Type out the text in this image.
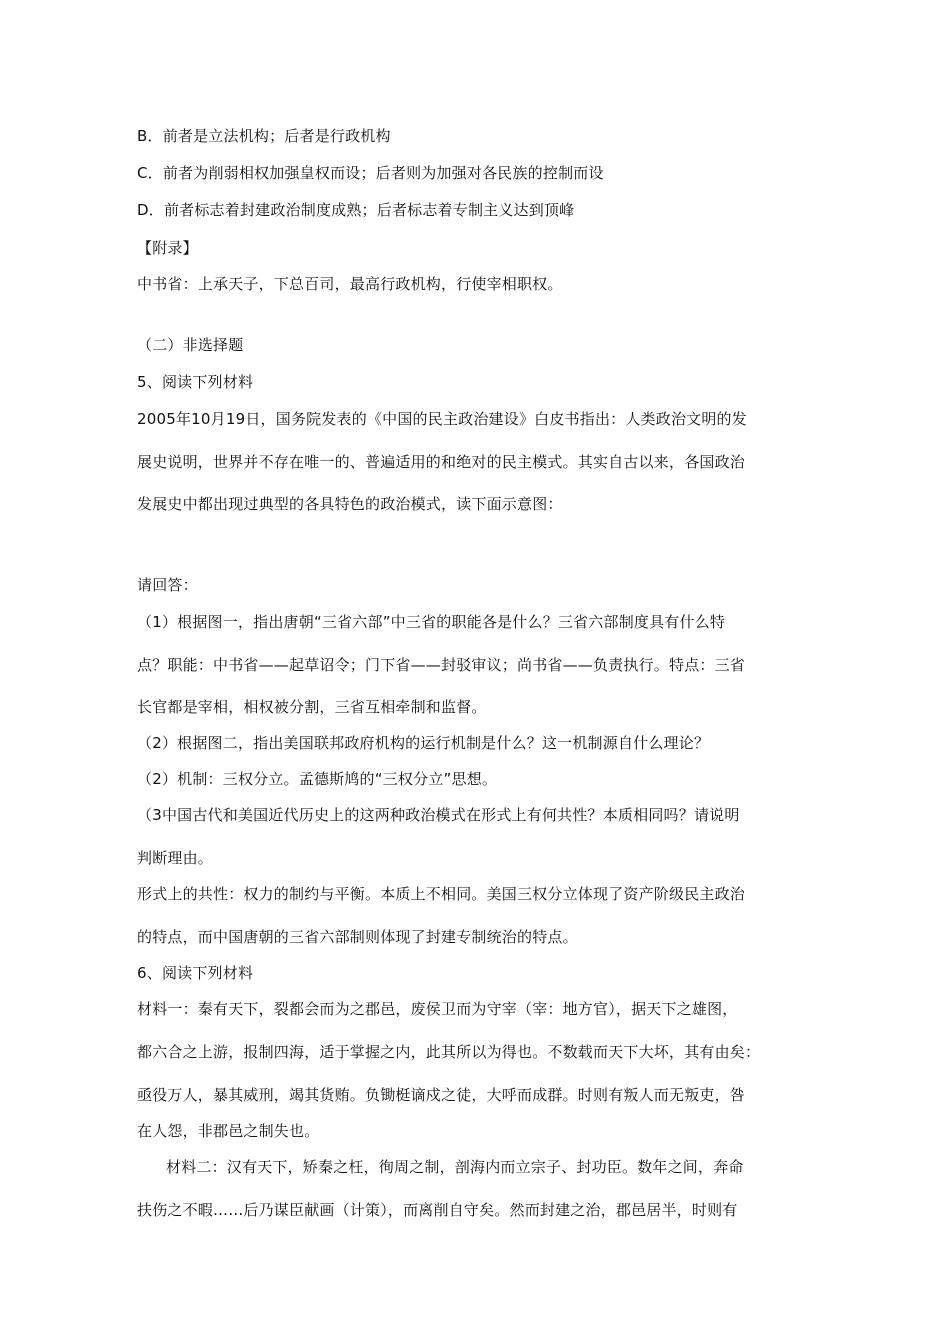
B．前者是立法机构；后者是行政机构
C．前者为削弱相权加强皇权而设；后者则为加强对各民族的控制而设
D．前者标志着封建政治制度成熟；后者标志着专制主义达到顶峰
【附录】
中书省：上承天子，下总百司，最高行政机构，行使宰相职权。
（二）非选择题
5、阅读下列材料
2005年10月19日，国务院发表的《中国的民主政治建设》白皮书指出：人类政治文明的发
展史说明，世界并不存在唯一的、普遍适用的和绝对的民主模式。其实自古以来，各国政治
发展史中都出现过典型的各具特色的政治模式，读下面示意图：
请回答：
（1）根据图一，指出唐朝“三省六部”中三省的职能各是什么？三省六部制度具有什么特
点？职能：中书省——起草诏令；门下省——封驳审议；尚书省——负责执行。特点：三省
长官都是宰相，相权被分割，三省互相牵制和监督。
（2）根据图二，指出美国联邦政府机构的运行机制是什么？这一机制源自什么理论？
（2）机制：三权分立。孟德斯鸠的“三权分立”思想。
（3中国古代和美国近代历史上的这两种政治模式在形式上有何共性？本质相同吗？请说明
判断理由。
形式上的共性：权力的制约与平衡。本质上不相同。美国三权分立体现了资产阶级民主政治
的特点，而中国唐朝的三省六部制则体现了封建专制统治的特点。
6、阅读下列材料
材料一：秦有天下，裂都会而为之郡邑，废侯卫而为守宰（宰：地方官），据天下之雄图，
都六合之上游，报制四海，适于掌握之内，此其所以为得也。不数载而天下大坏，其有由矣：
亟役万人，暴其威刑，竭其货贿。负锄梃谪戍之徒，大呼而成群。时则有叛人而无叛吏，咎
在人怨，非郡邑之制失也。
材料二：汉有天下，矫秦之枉，徇周之制，剖海内而立宗子、封功臣。数年之间，奔命
扶伤之不暇……后乃谋臣献画（计策），而离削自守矣。然而封建之治，郡邑居半，时则有
